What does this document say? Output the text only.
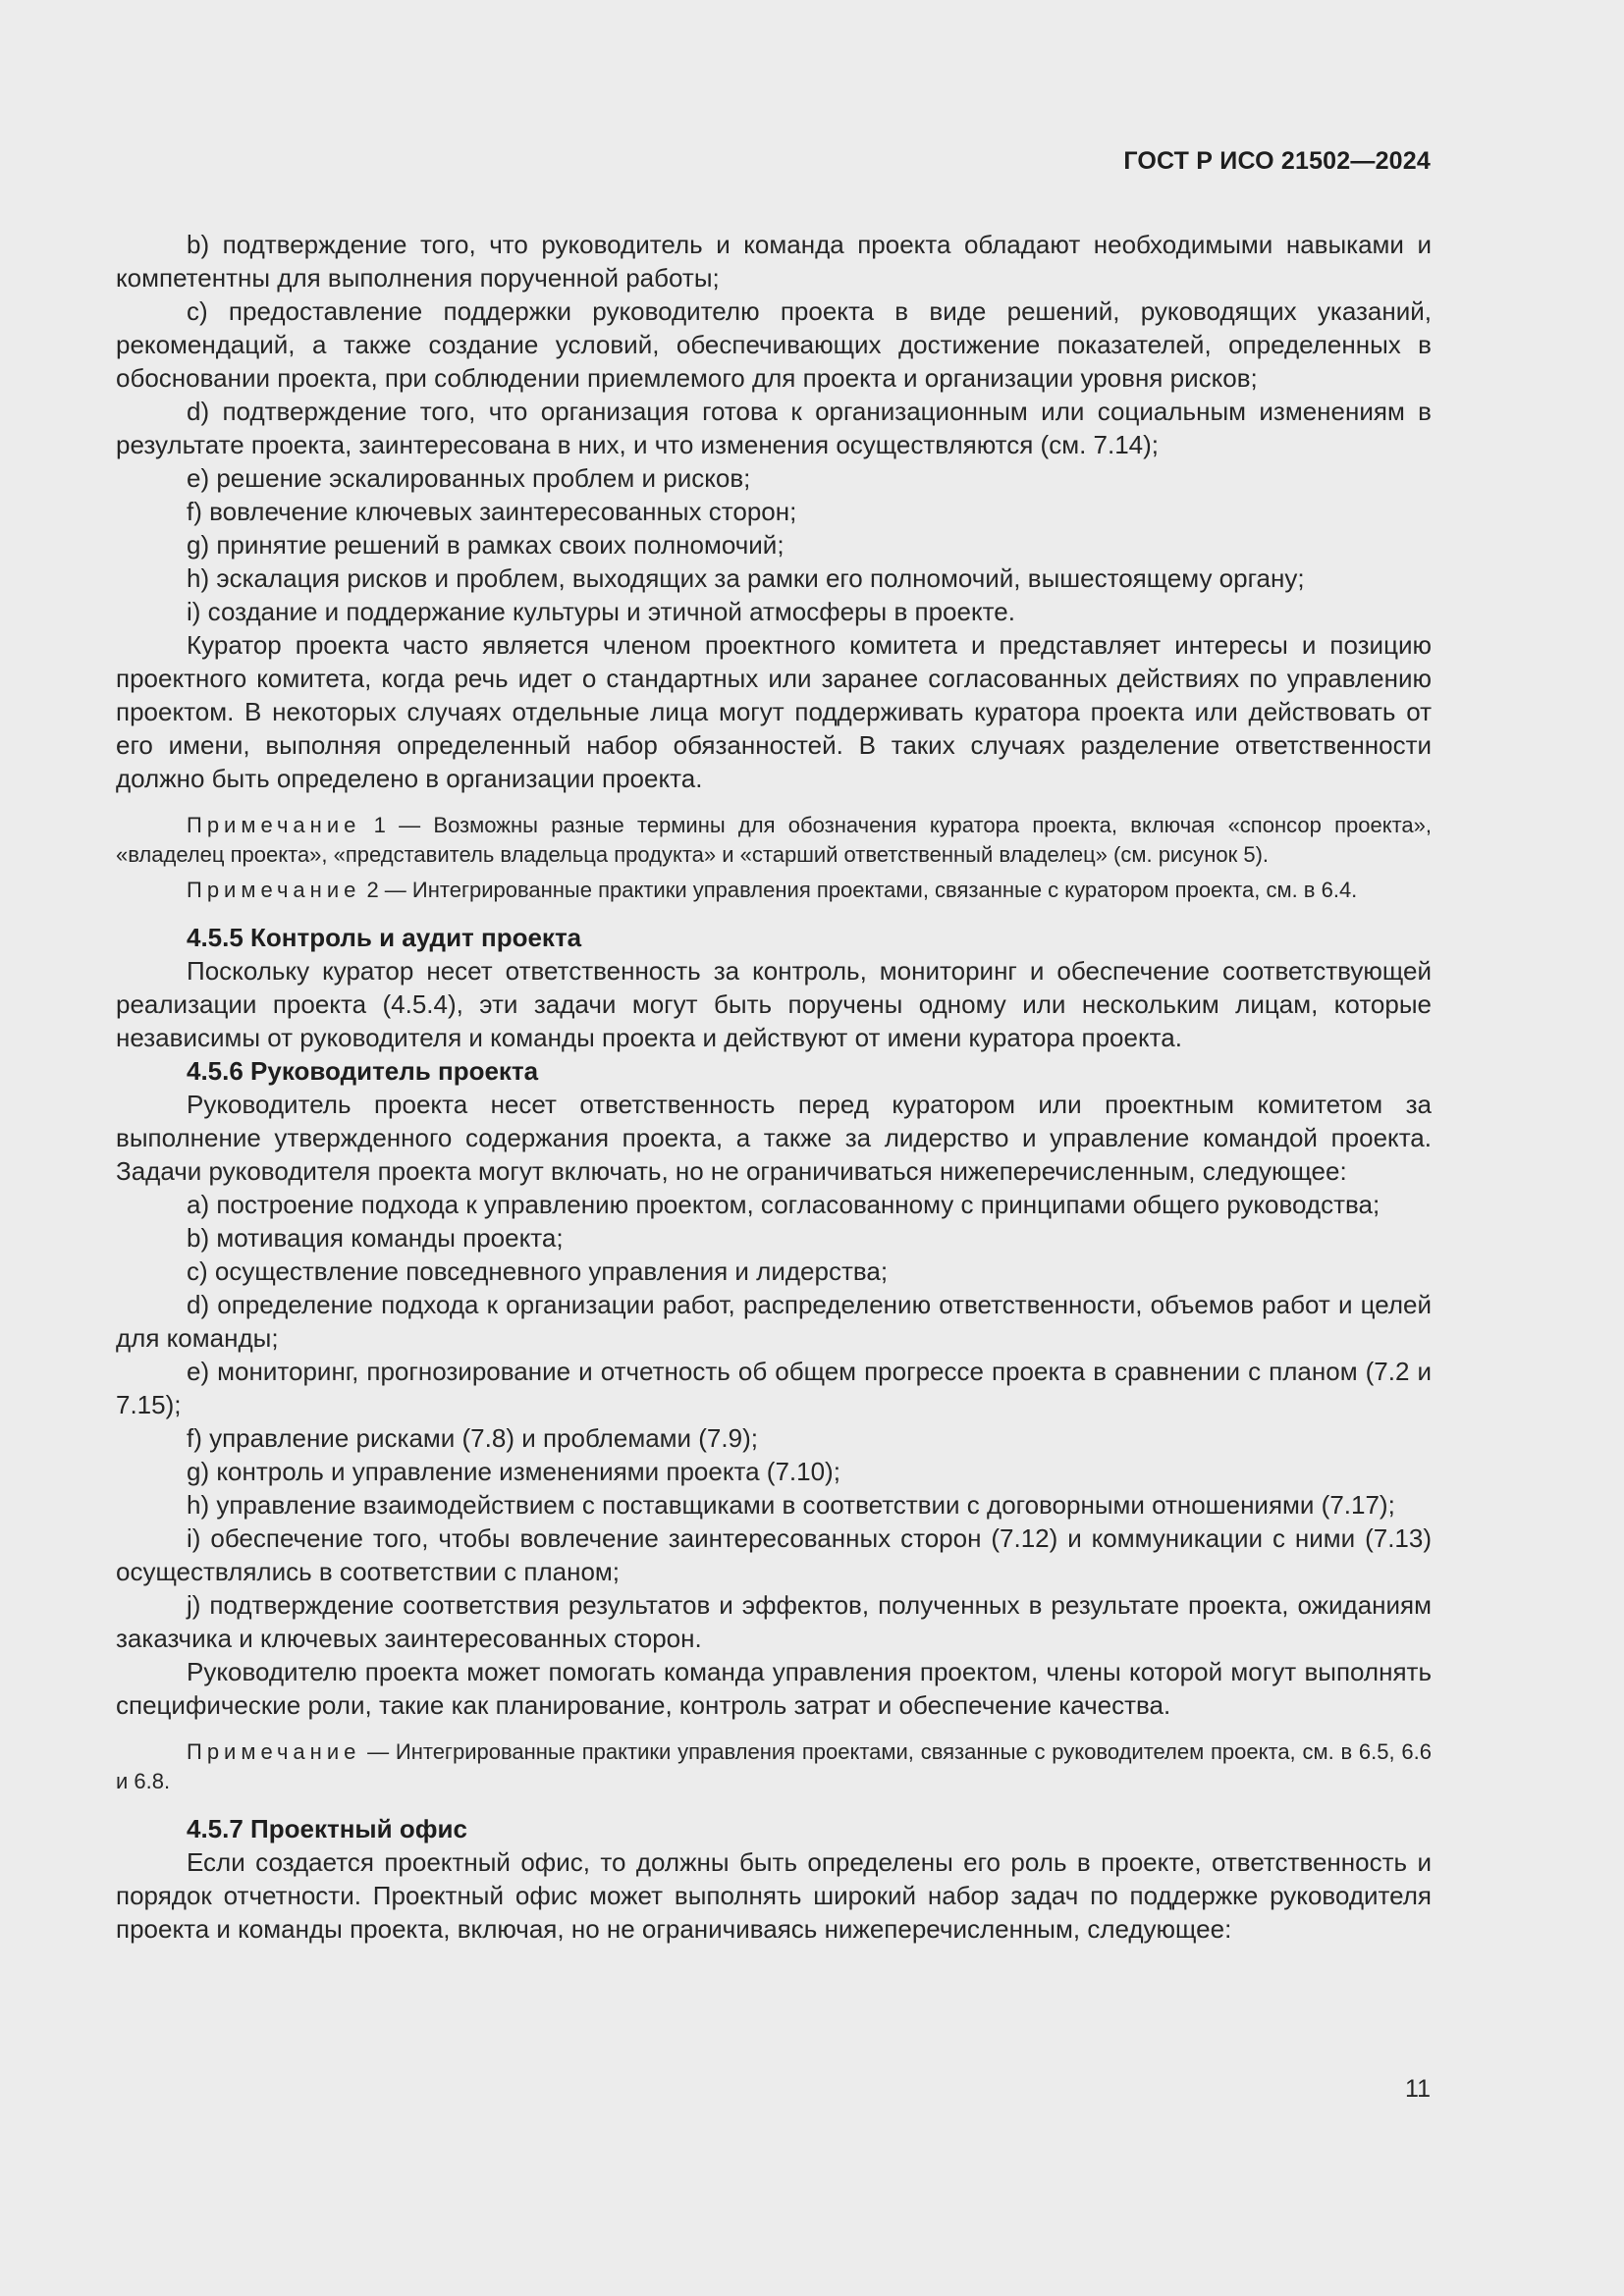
ГОСТ Р ИСО 21502—2024

b) подтверждение того, что руководитель и команда проекта обладают необходимыми навыками и компетентны для выполнения порученной работы;

c) предоставление поддержки руководителю проекта в виде решений, руководящих указаний, рекомендаций, а также создание условий, обеспечивающих достижение показателей, определенных в обосновании проекта, при соблюдении приемлемого для проекта и организации уровня рисков;

d) подтверждение того, что организация готова к организационным или социальным изменениям в результате проекта, заинтересована в них, и что изменения осуществляются (см. 7.14);

e) решение эскалированных проблем и рисков;

f) вовлечение ключевых заинтересованных сторон;

g) принятие решений в рамках своих полномочий;

h) эскалация рисков и проблем, выходящих за рамки его полномочий, вышестоящему органу;

i) создание и поддержание культуры и этичной атмосферы в проекте.

Куратор проекта часто является членом проектного комитета и представляет интересы и позицию проектного комитета, когда речь идет о стандартных или заранее согласованных действиях по управлению проектом. В некоторых случаях отдельные лица могут поддерживать куратора проекта или действовать от его имени, выполняя определенный набор обязанностей. В таких случаях разделение ответственности должно быть определено в организации проекта.

Примечание 1 — Возможны разные термины для обозначения куратора проекта, включая «спонсор проекта», «владелец проекта», «представитель владельца продукта» и «старший ответственный владелец» (см. рисунок 5).

Примечание 2 — Интегрированные практики управления проектами, связанные с куратором проекта, см. в 6.4.

4.5.5 Контроль и аудит проекта

Поскольку куратор несет ответственность за контроль, мониторинг и обеспечение соответствующей реализации проекта (4.5.4), эти задачи могут быть поручены одному или нескольким лицам, которые независимы от руководителя и команды проекта и действуют от имени куратора проекта.

4.5.6 Руководитель проекта

Руководитель проекта несет ответственность перед куратором или проектным комитетом за выполнение утвержденного содержания проекта, а также за лидерство и управление командой проекта. Задачи руководителя проекта могут включать, но не ограничиваться нижеперечисленным, следующее:

a) построение подхода к управлению проектом, согласованному с принципами общего руководства;

b) мотивация команды проекта;

c) осуществление повседневного управления и лидерства;

d) определение подхода к организации работ, распределению ответственности, объемов работ и целей для команды;

e) мониторинг, прогнозирование и отчетность об общем прогрессе проекта в сравнении с планом (7.2 и 7.15);

f) управление рисками (7.8) и проблемами (7.9);

g) контроль и управление изменениями проекта (7.10);

h) управление взаимодействием с поставщиками в соответствии с договорными отношениями (7.17);

i) обеспечение того, чтобы вовлечение заинтересованных сторон (7.12) и коммуникации с ними (7.13) осуществлялись в соответствии с планом;

j) подтверждение соответствия результатов и эффектов, полученных в результате проекта, ожиданиям заказчика и ключевых заинтересованных сторон.

Руководителю проекта может помогать команда управления проектом, члены которой могут выполнять специфические роли, такие как планирование, контроль затрат и обеспечение качества.

Примечание — Интегрированные практики управления проектами, связанные с руководителем проекта, см. в 6.5, 6.6 и 6.8.

4.5.7 Проектный офис

Если создается проектный офис, то должны быть определены его роль в проекте, ответственность и порядок отчетности. Проектный офис может выполнять широкий набор задач по поддержке руководителя проекта и команды проекта, включая, но не ограничиваясь нижеперечисленным, следующее:

11
